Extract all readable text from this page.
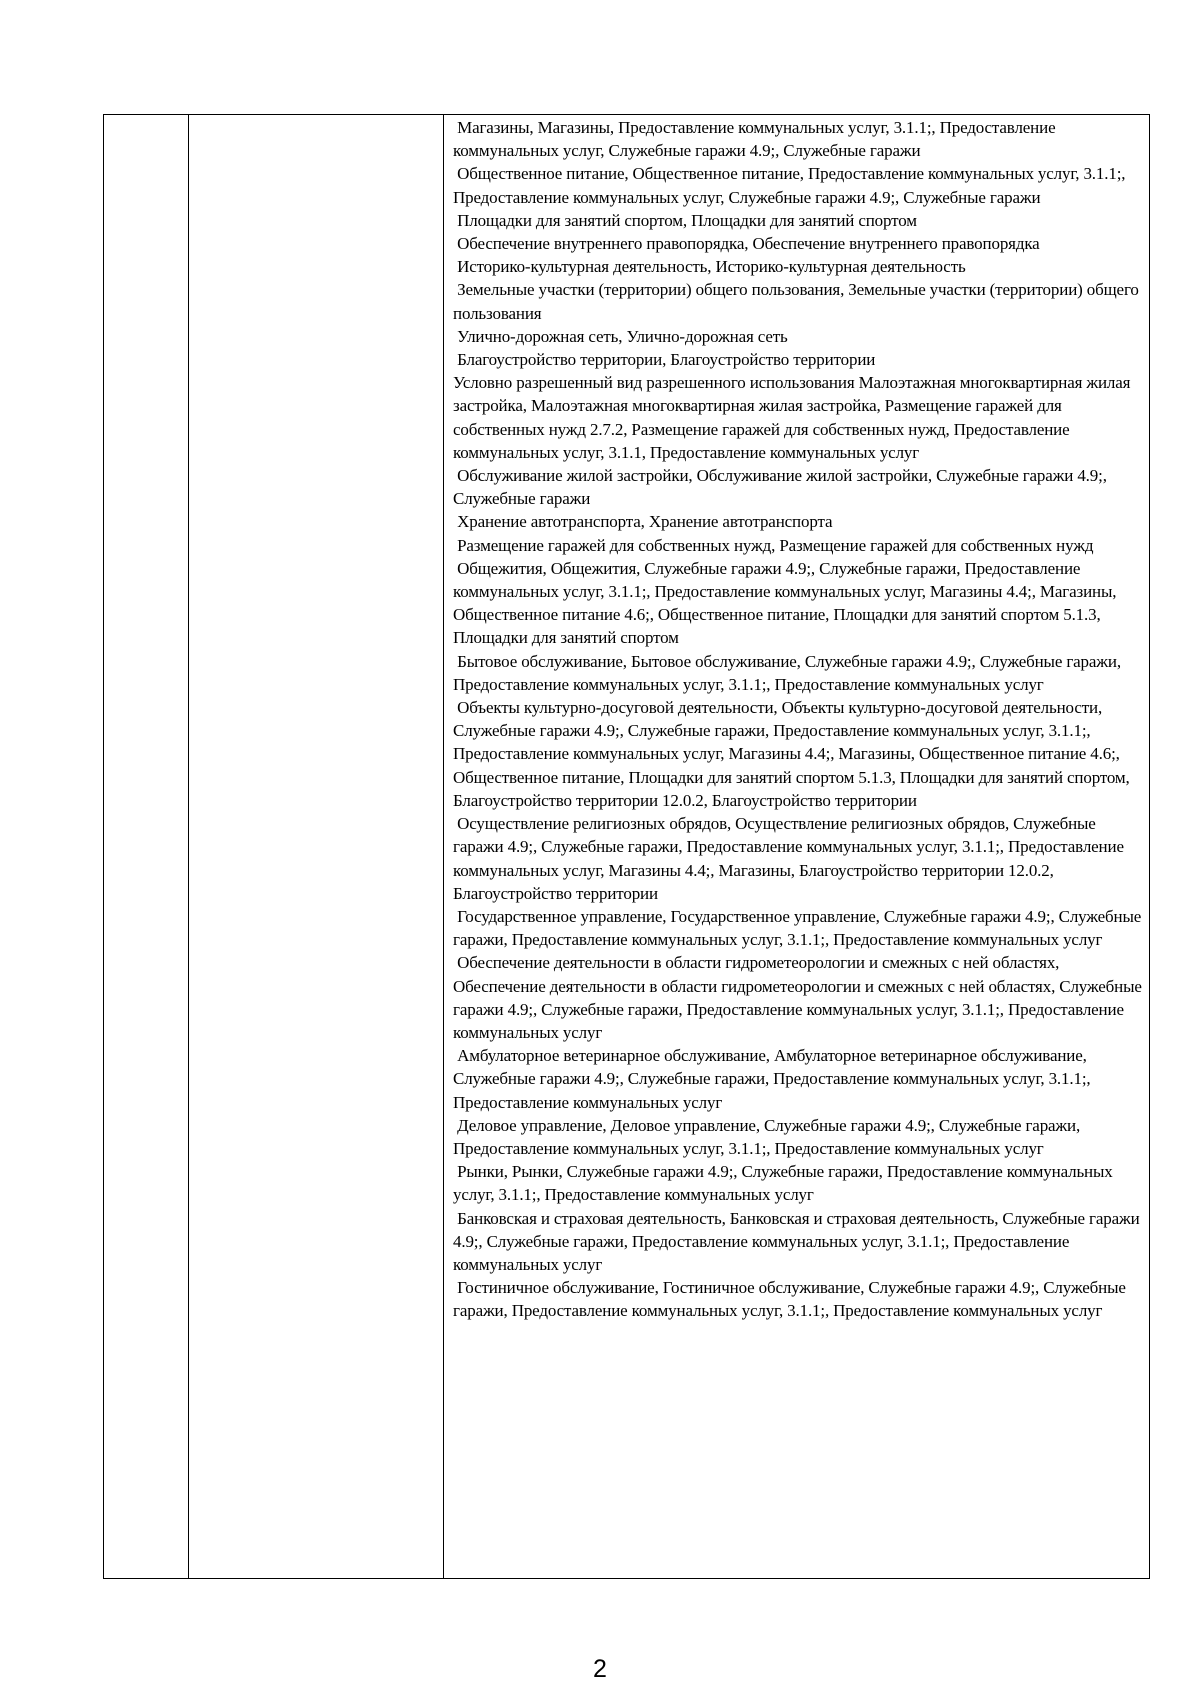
Магазины, Магазины, Предоставление коммунальных услуг, 3.1.1;, Предоставление коммунальных услуг, Служебные гаражи 4.9;, Служебные гаражи
Общественное питание, Общественное питание, Предоставление коммунальных услуг, 3.1.1;, Предоставление коммунальных услуг, Служебные гаражи 4.9;, Служебные гаражи
Площадки для занятий спортом, Площадки для занятий спортом
Обеспечение внутреннего правопорядка, Обеспечение внутреннего правопорядка
Историко-культурная деятельность, Историко-культурная деятельность
Земельные участки (территории) общего пользования, Земельные участки (территории) общего пользования
Улично-дорожная сеть, Улично-дорожная сеть
Благоустройство территории, Благоустройство территории
Условно разрешенный вид разрешенного использования Малоэтажная многоквартирная жилая застройка, Малоэтажная многоквартирная жилая застройка, Размещение гаражей для собственных нужд 2.7.2, Размещение гаражей для собственных нужд, Предоставление коммунальных услуг, 3.1.1, Предоставление коммунальных услуг
Обслуживание жилой застройки, Обслуживание жилой застройки, Служебные гаражи 4.9;, Служебные гаражи
Хранение автотранспорта, Хранение автотранспорта
Размещение гаражей для собственных нужд, Размещение гаражей для собственных нужд
Общежития, Общежития, Служебные гаражи 4.9;, Служебные гаражи, Предоставление коммунальных услуг, 3.1.1;, Предоставление коммунальных услуг, Магазины 4.4;, Магазины, Общественное питание 4.6;, Общественное питание, Площадки для занятий спортом 5.1.3, Площадки для занятий спортом
Бытовое обслуживание, Бытовое обслуживание, Служебные гаражи 4.9;, Служебные гаражи, Предоставление коммунальных услуг, 3.1.1;, Предоставление коммунальных услуг
Объекты культурно-досуговой деятельности, Объекты культурно-досуговой деятельности, Служебные гаражи 4.9;, Служебные гаражи, Предоставление коммунальных услуг, 3.1.1;, Предоставление коммунальных услуг, Магазины 4.4;, Магазины, Общественное питание 4.6;, Общественное питание, Площадки для занятий спортом 5.1.3, Площадки для занятий спортом, Благоустройство территории 12.0.2, Благоустройство территории
Осуществление религиозных обрядов, Осуществление религиозных обрядов, Служебные гаражи 4.9;, Служебные гаражи, Предоставление коммунальных услуг, 3.1.1;, Предоставление коммунальных услуг, Магазины 4.4;, Магазины, Благоустройство территории 12.0.2, Благоустройство территории
Государственное управление, Государственное управление, Служебные гаражи 4.9;, Служебные гаражи, Предоставление коммунальных услуг, 3.1.1;, Предоставление коммунальных услуг
Обеспечение деятельности в области гидрометеорологии и смежных с ней областях, Обеспечение деятельности в области гидрометеорологии и смежных с ней областях, Служебные гаражи 4.9;, Служебные гаражи, Предоставление коммунальных услуг, 3.1.1;, Предоставление коммунальных услуг
Амбулаторное ветеринарное обслуживание, Амбулаторное ветеринарное обслуживание, Служебные гаражи 4.9;, Служебные гаражи, Предоставление коммунальных услуг, 3.1.1;, Предоставление коммунальных услуг
Деловое управление, Деловое управление, Служебные гаражи 4.9;, Служебные гаражи, Предоставление коммунальных услуг, 3.1.1;, Предоставление коммунальных услуг
Рынки, Рынки, Служебные гаражи 4.9;, Служебные гаражи, Предоставление коммунальных услуг, 3.1.1;, Предоставление коммунальных услуг
Банковская и страховая деятельность, Банковская и страховая деятельность, Служебные гаражи 4.9;, Служебные гаражи, Предоставление коммунальных услуг, 3.1.1;, Предоставление коммунальных услуг
Гостиничное обслуживание, Гостиничное обслуживание, Служебные гаражи 4.9;, Служебные гаражи, Предоставление коммунальных услуг, 3.1.1;, Предоставление коммунальных услуг
2
